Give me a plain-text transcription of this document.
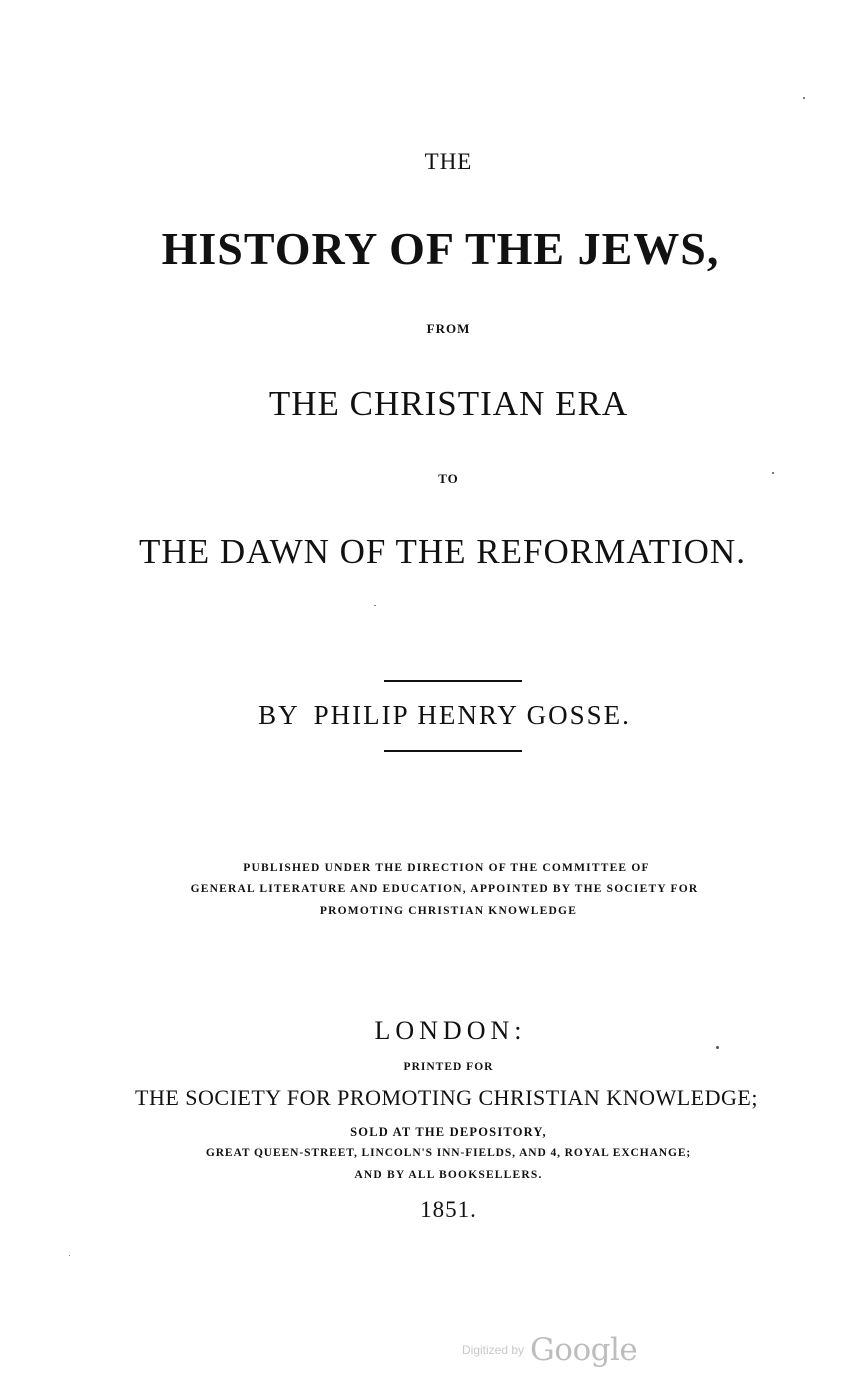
THE
HISTORY OF THE JEWS,
FROM
THE CHRISTIAN ERA
TO
THE DAWN OF THE REFORMATION.
BY PHILIP HENRY GOSSE.
PUBLISHED UNDER THE DIRECTION OF THE COMMITTEE OF
GENERAL LITERATURE AND EDUCATION, APPOINTED BY THE SOCIETY FOR
PROMOTING CHRISTIAN KNOWLEDGE
LONDON:
PRINTED FOR
THE SOCIETY FOR PROMOTING CHRISTIAN KNOWLEDGE;
SOLD AT THE DEPOSITORY,
GREAT QUEEN-STREET, LINCOLN'S INN-FIELDS, AND 4, ROYAL EXCHANGE;
AND BY ALL BOOKSELLERS.
1851.
Digitized by Google
